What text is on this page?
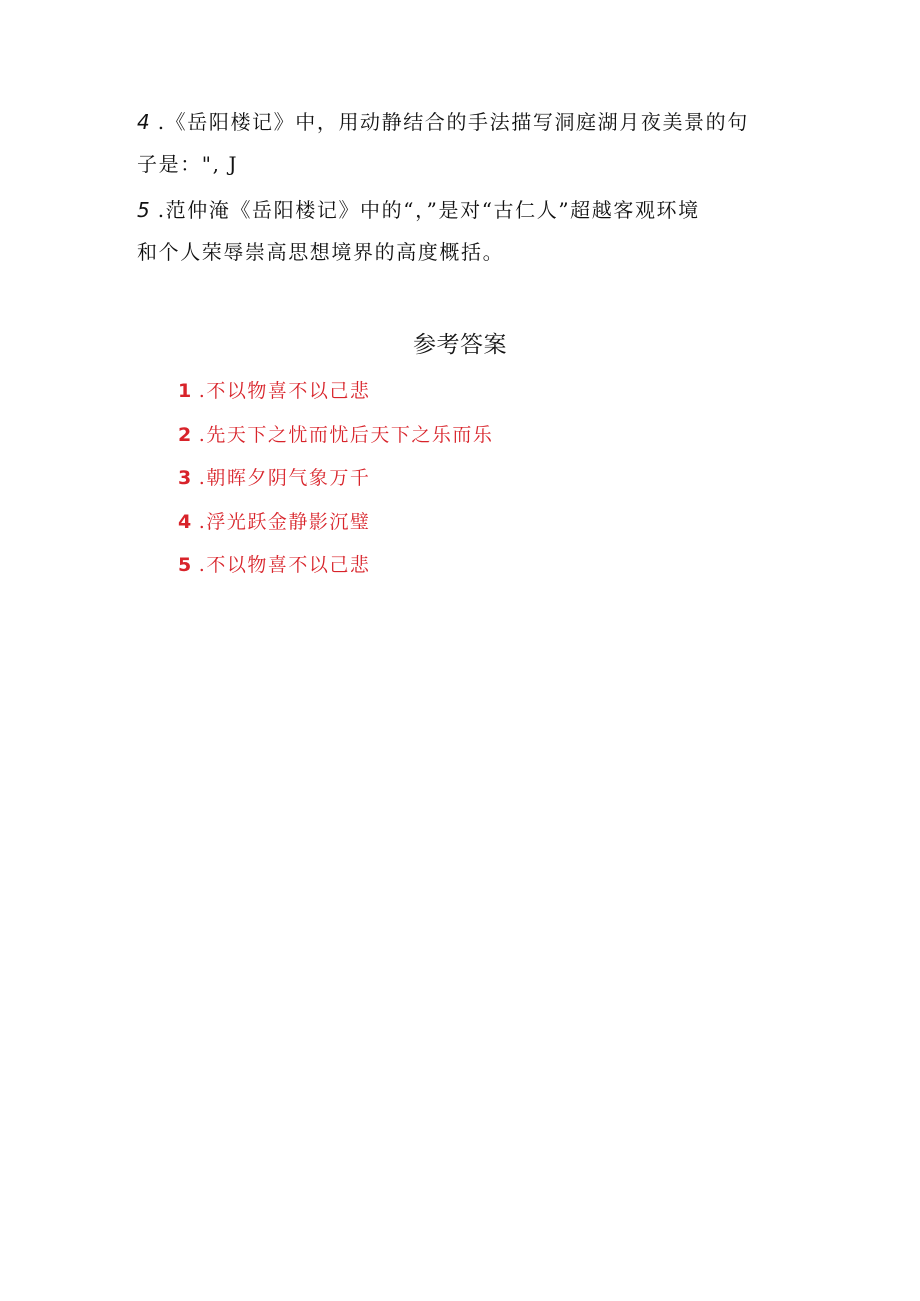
4 .《岳阳楼记》中，用动静结合的手法描写洞庭湖月夜美景的句
子是：", J
5 .范仲淹《岳阳楼记》中的“，”是对“古仁人”超越客观环境
和个人荣辱崇高思想境界的高度概括。
参考答案
1 .不以物喜不以己悲
2 .先天下之忧而忧后天下之乐而乐
3 .朝晖夕阴气象万千
4 .浮光跃金静影沉璧
5 .不以物喜不以己悲
